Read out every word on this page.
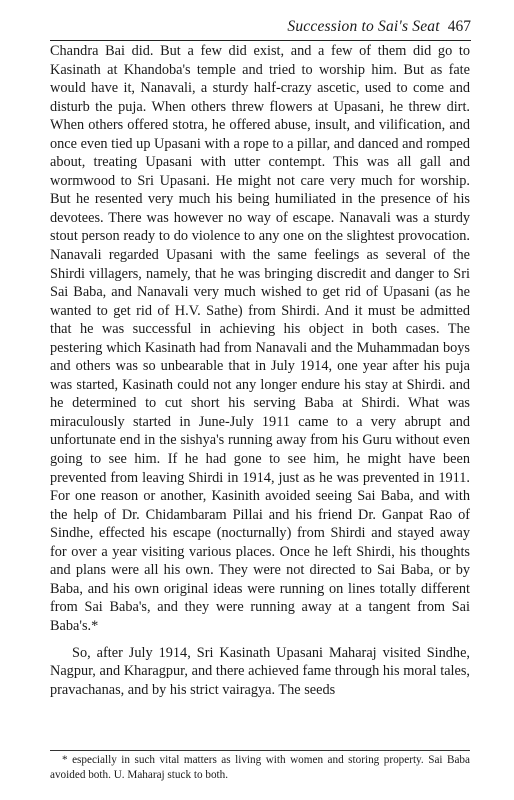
Succession to Sai's Seat 467

Chandra Bai did. But a few did exist, and a few of them did go to Kasinath at Khandoba's temple and tried to worship him. But as fate would have it, Nanavali, a sturdy half-crazy ascetic, used to come and disturb the puja. When others threw flowers at Upasani, he threw dirt. When others offered stotra, he offered abuse, insult, and vilification, and once even tied up Upasani with a rope to a pillar, and danced and romped about, treating Upasani with utter contempt. This was all gall and wormwood to Sri Upasani. He might not care very much for worship. But he resented very much his being humiliated in the presence of his devotees. There was however no way of escape. Nanavali was a sturdy stout person ready to do violence to any one on the slightest provocation. Nanavali regarded Upasani with the same feelings as several of the Shirdi villagers, namely, that he was bringing discredit and danger to Sri Sai Baba, and Nanavali very much wished to get rid of Upasani (as he wanted to get rid of H.V. Sathe) from Shirdi. And it must be admitted that he was successful in achieving his object in both cases. The pestering which Kasinath had from Nanavali and the Muhammadan boys and others was so unbearable that in July 1914, one year after his puja was started, Kasinath could not any longer endure his stay at Shirdi. and he determined to cut short his serving Baba at Shirdi. What was miraculously started in June-July 1911 came to a very abrupt and unfortunate end in the sishya's running away from his Guru without even going to see him. If he had gone to see him, he might have been prevented from leaving Shirdi in 1914, just as he was prevented in 1911. For one reason or another, Kasinith avoided seeing Sai Baba, and with the help of Dr. Chidambaram Pillai and his friend Dr. Ganpat Rao of Sindhe, effected his escape (nocturnally) from Shirdi and stayed away for over a year visiting various places. Once he left Shirdi, his thoughts and plans were all his own. They were not directed to Sai Baba, or by Baba, and his own original ideas were running on lines totally different from Sai Baba's, and they were running away at a tangent from Sai Baba's.*

So, after July 1914, Sri Kasinath Upasani Maharaj visited Sindhe, Nagpur, and Kharagpur, and there achieved fame through his moral tales, pravachanas, and by his strict vairagya. The seeds

* especially in such vital matters as living with women and storing property. Sai Baba avoided both. U. Maharaj stuck to both.
